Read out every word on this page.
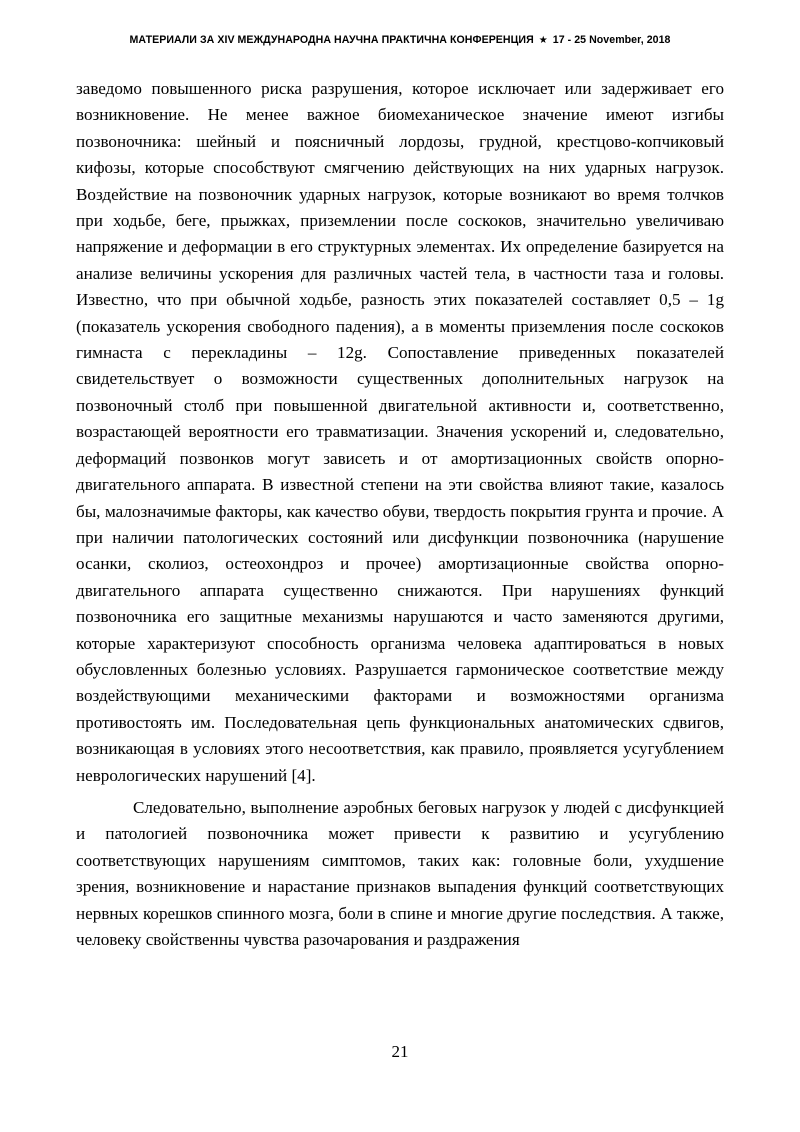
МАТЕРИАЛИ ЗА XIV МЕЖДУНАРОДНА НАУЧНА ПРАКТИЧНА КОНФЕРЕНЦИЯ ★ 17 - 25 November, 2018

заведомо повышенного риска разрушения, которое исключает или задерживает его возникновение. Не менее важное биомеханическое значение имеют изгибы позвоночника: шейный и поясничный лордозы, грудной, крестцово-копчиковый кифозы, которые способствуют смягчению действующих на них ударных нагрузок. Воздействие на позвоночник ударных нагрузок, которые возникают во время толчков при ходьбе, беге, прыжках, приземлении после соскоков, значительно увеличиваю напряжение и деформации в его структурных элементах. Их определение базируется на анализе величины ускорения для различных частей тела, в частности таза и головы. Известно, что при обычной ходьбе, разность этих показателей составляет 0,5 – 1g (показатель ускорения свободного падения), а в моменты приземления после соскоков гимнаста с перекладины – 12g. Сопоставление приведенных показателей свидетельствует о возможности существенных дополнительных нагрузок на позвоночный столб при повышенной двигательной активности и, соответственно, возрастающей вероятности его травматизации. Значения ускорений и, следовательно, деформаций позвонков могут зависеть и от амортизационных свойств опорно-двигательного аппарата. В известной степени на эти свойства влияют такие, казалось бы, малозначимые факторы, как качество обуви, твердость покрытия грунта и прочие. А при наличии патологических состояний или дисфункции позвоночника (нарушение осанки, сколиоз, остеохондроз и прочее) амортизационные свойства опорно-двигательного аппарата существенно снижаются. При нарушениях функций позвоночника его защитные механизмы нарушаются и часто заменяются другими, которые характеризуют способность организма человека адаптироваться в новых обусловленных болезнью условиях. Разрушается гармоническое соответствие между воздействующими механическими факторами и возможностями организма противостоять им. Последовательная цепь функциональных анатомических сдвигов, возникающая в условиях этого несоответствия, как правило, проявляется усугублением неврологических нарушений [4].

Следовательно, выполнение аэробных беговых нагрузок у людей с дисфункцией и патологией позвоночника может привести к развитию и усугублению соответствующих нарушениям симптомов, таких как: головные боли, ухудшение зрения, возникновение и нарастание признаков выпадения функций соответствующих нервных корешков спинного мозга, боли в спине и многие другие последствия. А также, человеку свойственны чувства разочарования и раздражения

21
